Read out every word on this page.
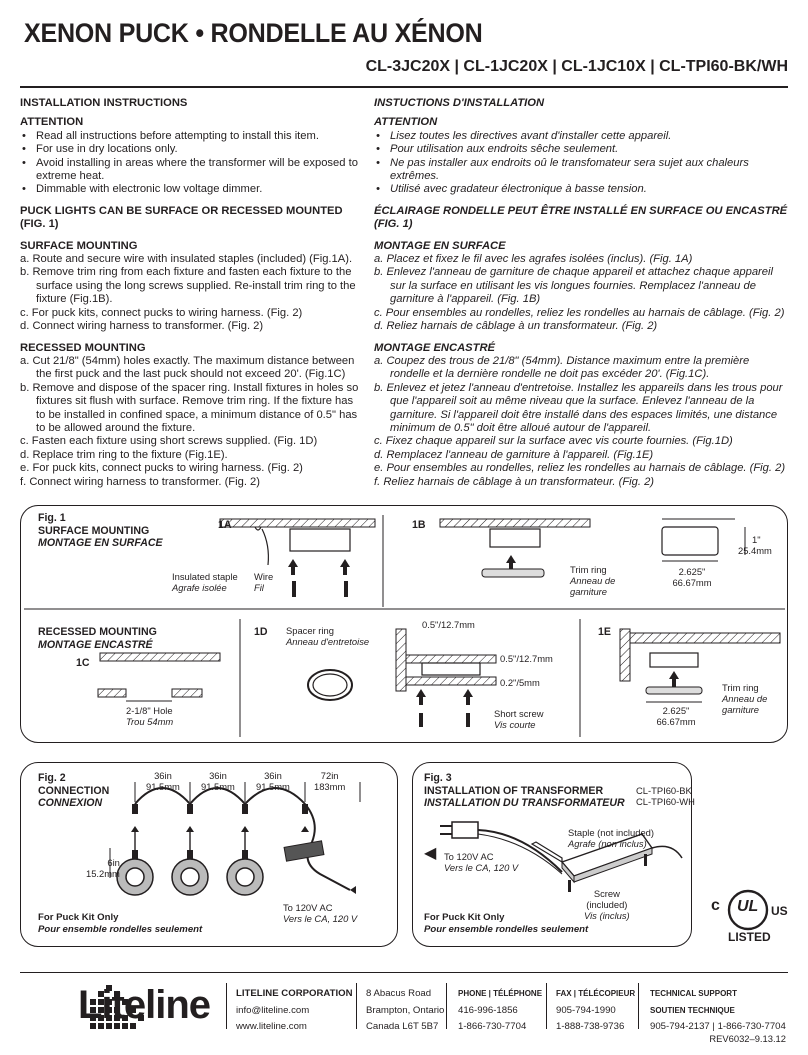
XENON PUCK • RONDELLE AU XÉNON
CL-3JC20X | CL-1JC20X | CL-1JC10X | CL-TPI60-BK/WH
INSTALLATION INSTRUCTIONS
ATTENTION
• Read all instructions before attempting to install this item.
• For use in dry locations only.
• Avoid installing in areas where the transformer will be exposed to extreme heat.
• Dimmable with electronic low voltage dimmer.
PUCK LIGHTS CAN BE SURFACE OR RECESSED MOUNTED (FIG. 1)
SURFACE MOUNTING
a. Route and secure wire with insulated staples (included) (Fig.1A).
b. Remove trim ring from each fixture and fasten each fixture to the surface using the long screws supplied. Re-install trim ring to the fixture (Fig.1B).
c. For puck kits, connect pucks to wiring harness. (Fig. 2)
d. Connect wiring harness to transformer. (Fig. 2)
RECESSED MOUNTING
a. Cut 21/8" (54mm) holes exactly. The maximum distance between the first puck and the last puck should not exceed 20'. (Fig.1C)
b. Remove and dispose of the spacer ring. Install fixtures in holes so fixtures sit flush with surface. Remove trim ring. If the fixture has to be installed in confined space, a minimum distance of 0.5" has to be allowed around the fixture.
c. Fasten each fixture using short screws supplied. (Fig. 1D)
d. Replace trim ring to the fixture (Fig.1E).
e. For puck kits, connect pucks to wiring harness. (Fig. 2)
f. Connect wiring harness to transformer. (Fig. 2)
INSTUCTIONS D'INSTALLATION
ATTENTION
• Lisez toutes les directives avant d'installer cette appareil.
• Pour utilisation aux endroits sêche seulement.
• Ne pas installer aux endroits oû le transfomateur sera sujet aux chaleurs extrêmes.
• Utilisé avec gradateur électronique à basse tension.
ÉCLAIRAGE RONDELLE PEUT ÊTRE INSTALLÉ EN SURFACE OU ENCASTRÉ (FIG. 1)
MONTAGE EN SURFACE
a. Placez et fixez le fil avec les agrafes isolées (inclus). (Fig. 1A)
b. Enlevez l'anneau de garniture de chaque appareil et attachez chaque appareil sur la surface en utilisant les vis longues fournies. Remplacez l'anneau de garniture à l'appareil. (Fig. 1B)
c. Pour ensembles au rondelles, reliez les rondelles au harnais de câblage. (Fig. 2)
d. Reliez harnais de câblage à un transformateur. (Fig. 2)
MONTAGE ENCASTRÉ
a. Coupez des trous de 21/8" (54mm). Distance maximum entre la première rondelle et la dernière rondelle ne doit pas excéder 20'. (Fig.1C).
b. Enlevez et jetez l'anneau d'entretoise. Installez les appareils dans les trous pour que l'appareil soit au même niveau que la surface. Enlevez l'anneau de la garniture. Si l'appareil doit être installé dans des espaces limités, une distance minimum de 0.5" doit être alloué autour de l'appareil.
c. Fixez chaque appareil sur la surface avec vis courte fournies. (Fig.1D)
d. Remplacez l'anneau de garniture à l'appareil. (Fig.1E)
e. Pour ensembles au rondelles, reliez les rondelles au harnais de câblage. (Fig. 2)
f. Reliez harnais de câblage à un transformateur. (Fig. 2)
Fig. 1
SURFACE MOUNTING
MONTAGE EN SURFACE
1A	1B
Insulated staple
Agrafe isolée
Wire
Fil
Trim ring
Anneau de
garniture
1"
25.4mm
2.625"
66.67mm
RECESSED MOUNTING
MONTAGE ENCASTRÉ
1C
2-1/8" Hole
Trou 54mm
1D Spacer ring
Anneau d'entretoise
0.5"/12.7mm
0.5"/12.7mm
0.2"/5mm
Short screw
Vis courte
1E
Trim ring
Anneau de
garniture
2.625"
66.67mm
Fig. 2
CONNECTION
CONNEXION
36in
91.5mm
36in
91.5mm
36in
91.5mm
72in
183mm
6in
15.2mm
To 120V AC
Vers le CA, 120 V
For Puck Kit Only
Pour ensemble rondelles seulement
Fig. 3
INSTALLATION OF TRANSFORMER
INSTALLATION DU TRANSFORMATEUR
CL-TPI60-BK
CL-TPI60-WH
Staple (not included)
Agrafe (non inclus)
◀ To 120V AC
Vers le CA, 120 V
Screw
(included)
Vis (inclus)
For Puck Kit Only
Pour ensemble rondelles seulement
c UL US
LISTED
Liteline	LITELINE CORPORATION
info@liteline.com
www.liteline.com
8 Abacus Road
Brampton, Ontario
Canada L6T 5B7
PHONE | TÉLÉPHONE
416-996-1856
1-866-730-7704
FAX | TÉLÉCOPIEUR
905-794-1990
1-888-738-9736
TECHNICAL SUPPORT
SOUTIEN TECHNIQUE
905-794-2137 | 1-866-730-7704
REV6032–9.13.12
